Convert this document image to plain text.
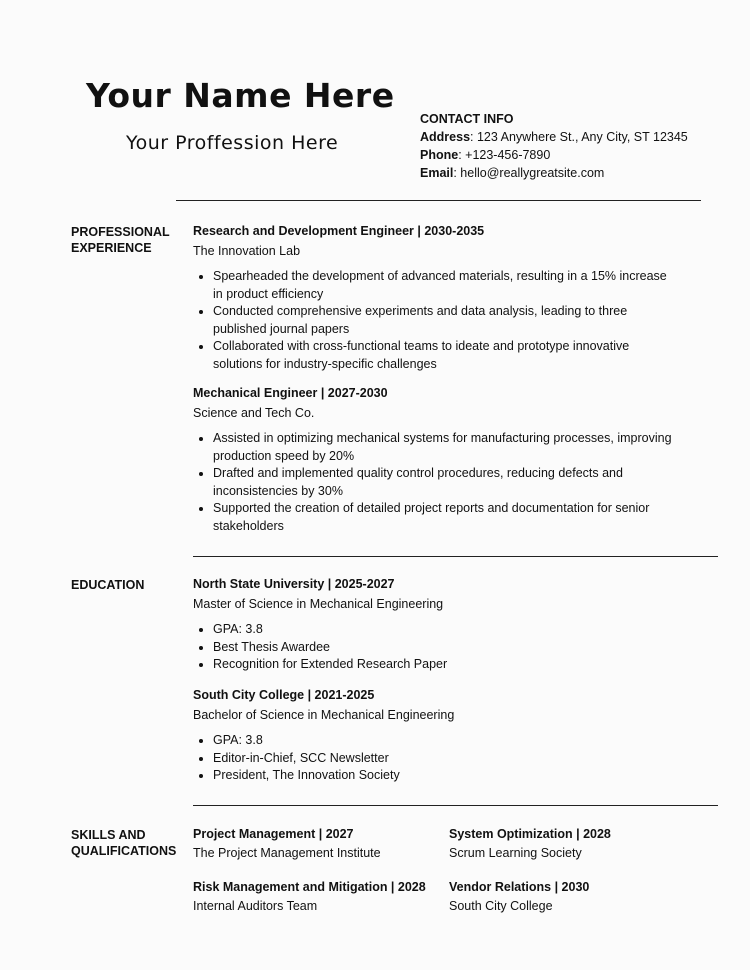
Your Name Here
Your Proffession Here
CONTACT INFO
Address: 123 Anywhere St., Any City, ST 12345
Phone: +123-456-7890
Email: hello@reallygreatsite.com
PROFESSIONAL EXPERIENCE
Research and Development Engineer | 2030-2035
The Innovation Lab
• Spearheaded the development of advanced materials, resulting in a 15% increase in product efficiency
• Conducted comprehensive experiments and data analysis, leading to three published journal papers
• Collaborated with cross-functional teams to ideate and prototype innovative solutions for industry-specific challenges
Mechanical Engineer | 2027-2030
Science and Tech Co.
• Assisted in optimizing mechanical systems for manufacturing processes, improving production speed by 20%
• Drafted and implemented quality control procedures, reducing defects and inconsistencies by 30%
• Supported the creation of detailed project reports and documentation for senior stakeholders
EDUCATION	North State University | 2025-2027
Master of Science in Mechanical Engineering
• GPA: 3.8
• Best Thesis Awardee
• Recognition for Extended Research Paper
South City College | 2021-2025
Bachelor of Science in Mechanical Engineering
• GPA: 3.8
• Editor-in-Chief, SCC Newsletter
• President, The Innovation Society
SKILLS AND QUALIFICATIONS
Project Management | 2027
The Project Management Institute
System Optimization | 2028
Scrum Learning Society
Risk Management and Mitigation | 2028
Internal Auditors Team
Vendor Relations | 2030
South City College
